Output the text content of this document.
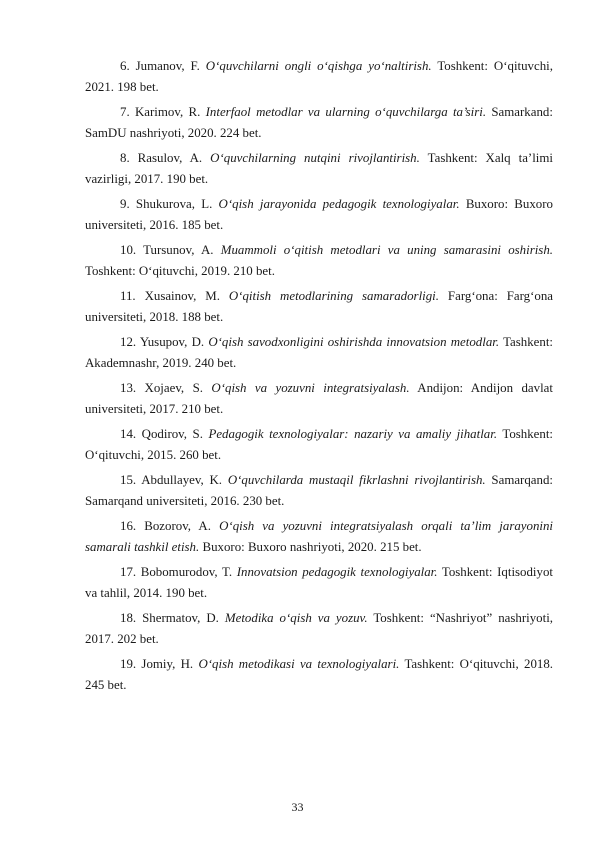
6. Jumanov, F. O‘quvchilarni ongli o‘qishga yo‘naltirish. Toshkent: O‘qituvchi, 2021. 198 bet.

7. Karimov, R. Interfaol metodlar va ularning o‘quvchilarga ta’siri. Samarkand: SamDU nashriyoti, 2020. 224 bet.

8. Rasulov, A. O‘quvchilarning nutqini rivojlantirish. Tashkent: Xalq ta’limi vazirligi, 2017. 190 bet.

9. Shukurova, L. O‘qish jarayonida pedagogik texnologiyalar. Buxoro: Buxoro universiteti, 2016. 185 bet.

10. Tursunov, A. Muammoli o‘qitish metodlari va uning samarasini oshirish. Toshkent: O‘qituvchi, 2019. 210 bet.

11. Xusainov, M. O‘qitish metodlarining samaradorligi. Farg‘ona: Farg‘ona universiteti, 2018. 188 bet.

12. Yusupov, D. O‘qish savodxonligini oshirishda innovatsion metodlar. Tashkent: Akademnashr, 2019. 240 bet.

13. Xojaev, S. O‘qish va yozuvni integratsiyalash. Andijon: Andijon davlat universiteti, 2017. 210 bet.

14. Qodirov, S. Pedagogik texnologiyalar: nazariy va amaliy jihatlar. Toshkent: O‘qituvchi, 2015. 260 bet.

15. Abdullayev, K. O‘quvchilarda mustaqil fikrlashni rivojlantirish. Samarqand: Samarqand universiteti, 2016. 230 bet.

16. Bozorov, A. O‘qish va yozuvni integratsiyalash orqali ta’lim jarayonini samarali tashkil etish. Buxoro: Buxoro nashriyoti, 2020. 215 bet.

17. Bobomurodov, T. Innovatsion pedagogik texnologiyalar. Toshkent: Iqtisodiyot va tahlil, 2014. 190 bet.

18. Shermatov, D. Metodika o‘qish va yozuv. Toshkent: “Nashriyot” nashriyoti, 2017. 202 bet.

19. Jomiy, H. O‘qish metodikasi va texnologiyalari. Tashkent: O‘qituvchi, 2018. 245 bet.

33
